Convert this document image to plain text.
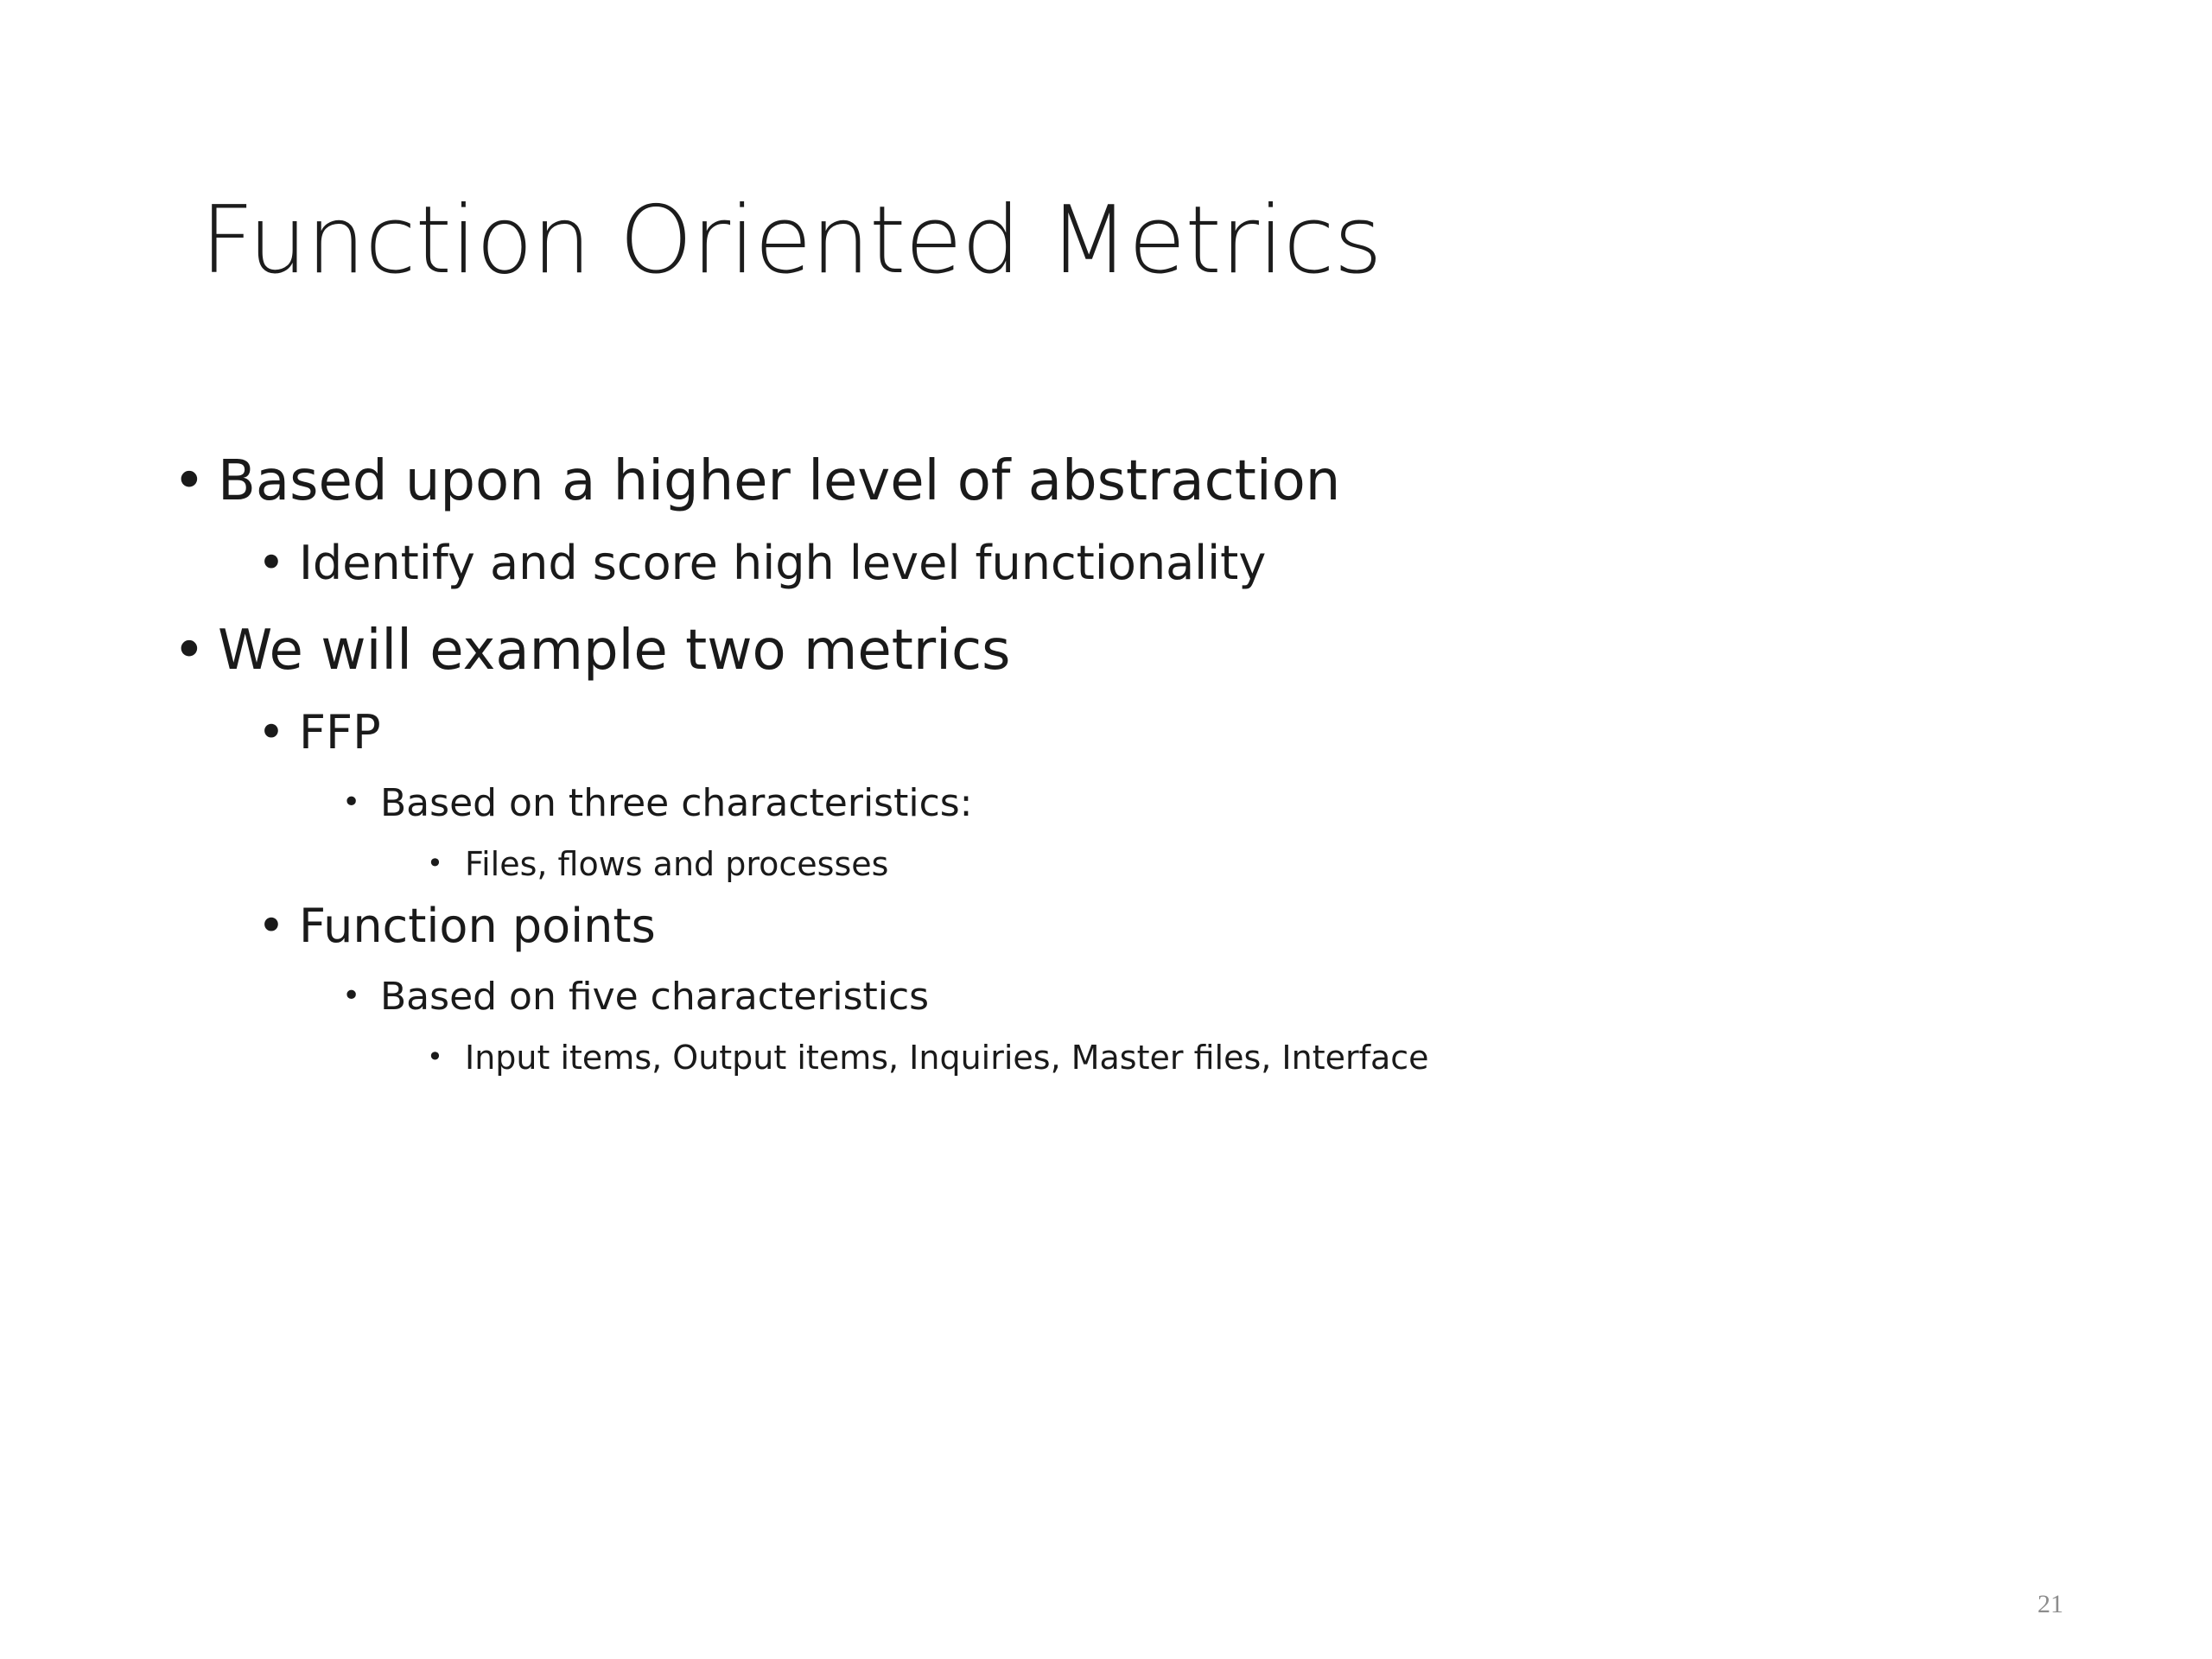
Function Oriented Metrics
• Based upon a higher level of abstraction
• Identify and score high level functionality
• We will example two metrics
• FFP
• Based on three characteristics:
• Files, flows and processes
• Function points
• Based on five characteristics
• Input items, Output items, Inquiries, Master files, Interface
21
